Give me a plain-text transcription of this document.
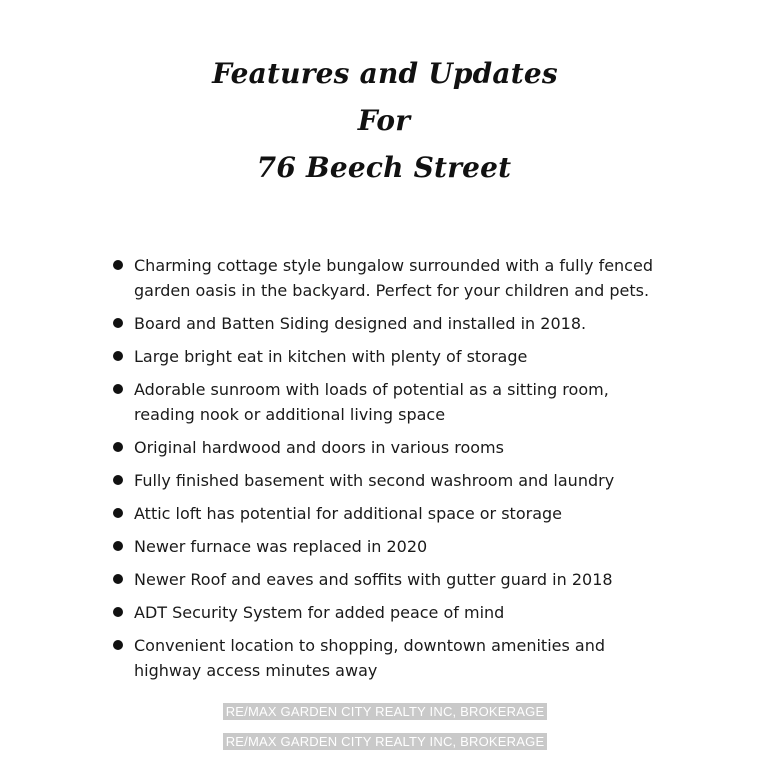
Features and Updates
For
76 Beech Street
Charming cottage style bungalow surrounded with a fully fenced garden oasis in the backyard. Perfect for your children and pets.
Board and Batten Siding designed and installed in 2018.
Large bright eat in kitchen with plenty of storage
Adorable sunroom with loads of potential as a sitting room, reading nook or additional living space
Original hardwood and doors in various rooms
Fully finished basement with second washroom and laundry
Attic loft has potential for additional space or storage
Newer furnace was replaced in 2020
Newer Roof and eaves and soffits with gutter guard in 2018
ADT Security System for added peace of mind
Convenient location to shopping, downtown amenities and highway access minutes away
RE/MAX GARDEN CITY REALTY INC, BROKERAGE
RE/MAX GARDEN CITY REALTY INC, BROKERAGE
